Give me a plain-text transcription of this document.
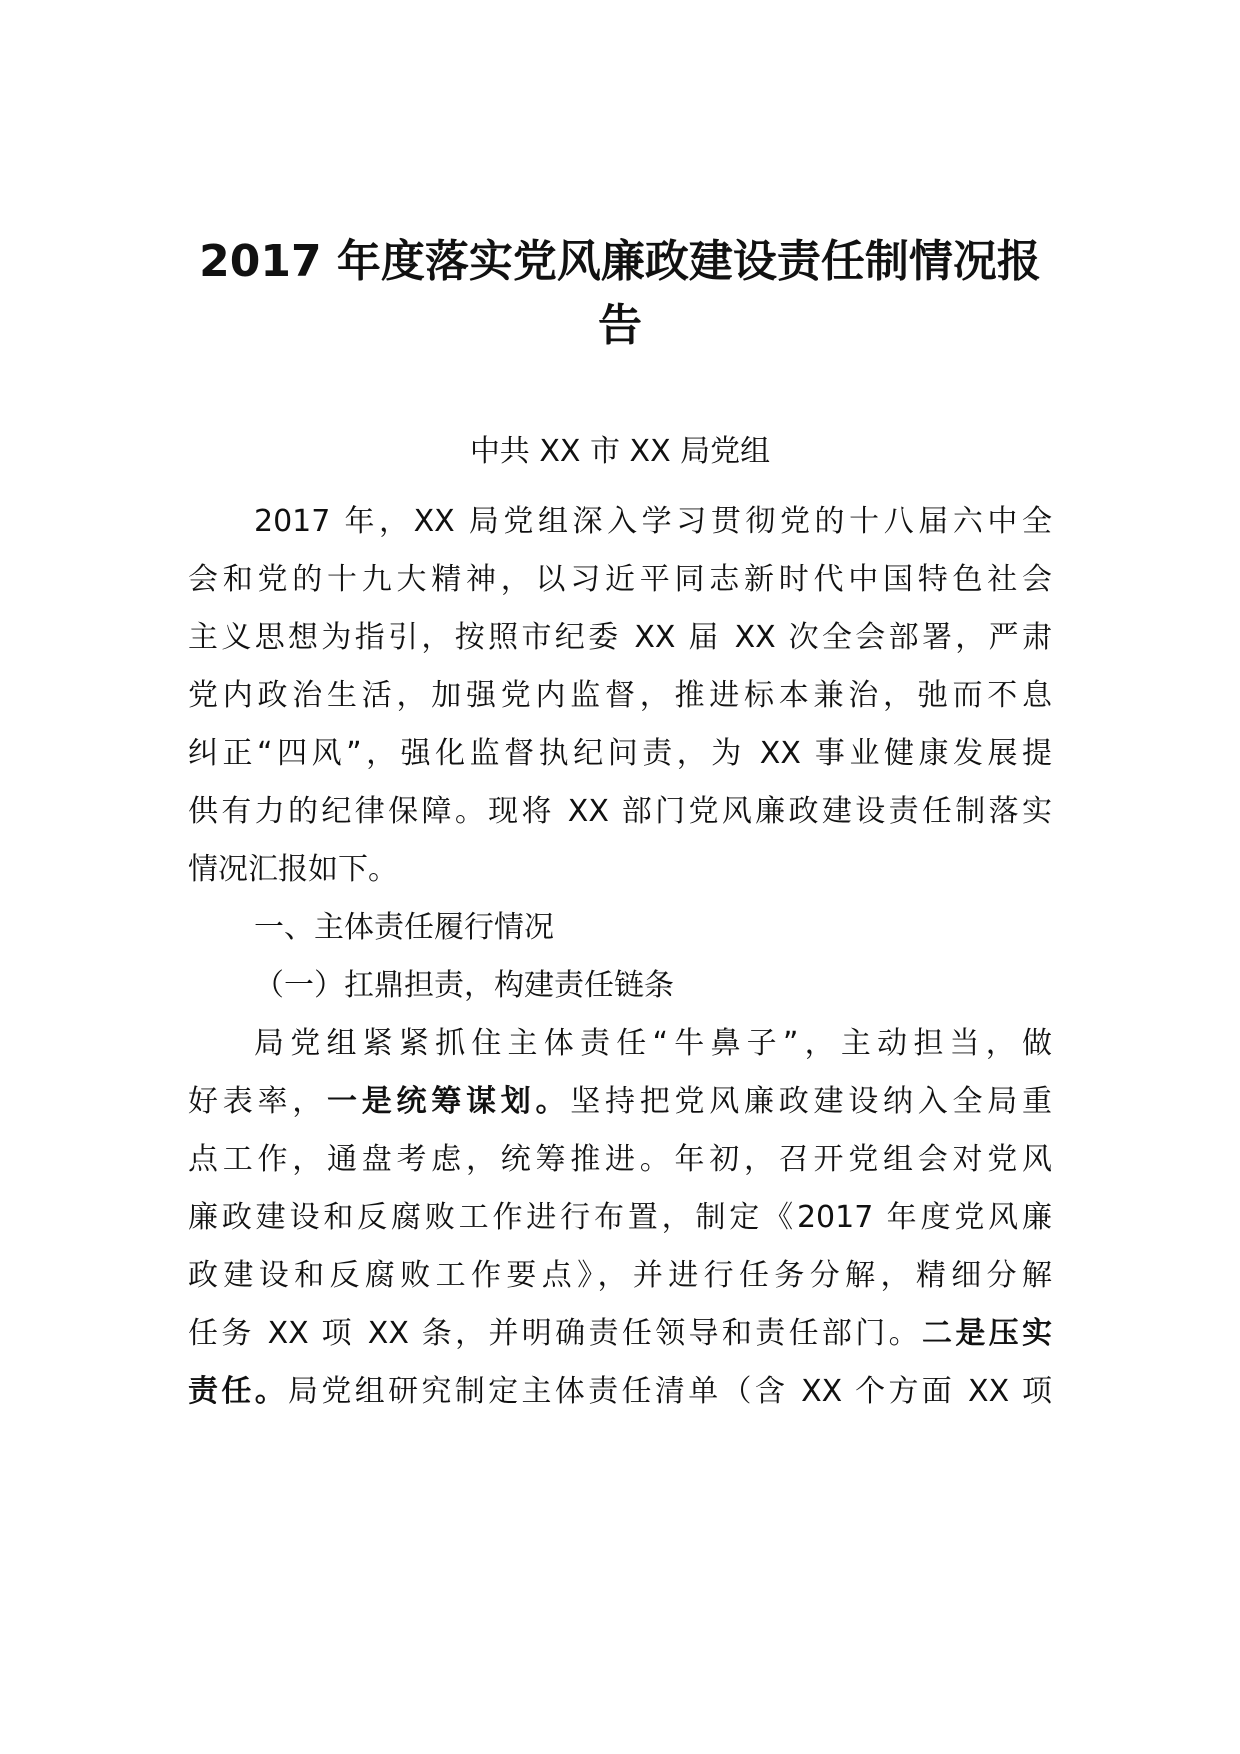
2017 年度落实党风廉政建设责任制情况报
告

中共 XX 市 XX 局党组

2017 年，XX 局党组深入学习贯彻党的十八届六中全

会和党的十九大精神，以习近平同志新时代中国特色社会

主义思想为指引，按照市纪委 XX 届 XX 次全会部署，严肃

党内政治生活，加强党内监督，推进标本兼治，弛而不息

纠正“四风”，强化监督执纪问责，为 XX 事业健康发展提

供有力的纪律保障。现将 XX 部门党风廉政建设责任制落实

情况汇报如下。

一、主体责任履行情况

（一）扛鼎担责，构建责任链条

局党组紧紧抓住主体责任“牛鼻子”，主动担当，做

好表率，一是统筹谋划。坚持把党风廉政建设纳入全局重

点工作，通盘考虑，统筹推进。年初，召开党组会对党风

廉政建设和反腐败工作进行布置，制定《2017 年度党风廉

政建设和反腐败工作要点》，并进行任务分解，精细分解

任务 XX 项 XX 条，并明确责任领导和责任部门。二是压实

责任。局党组研究制定主体责任清单（含 XX 个方面 XX 项
